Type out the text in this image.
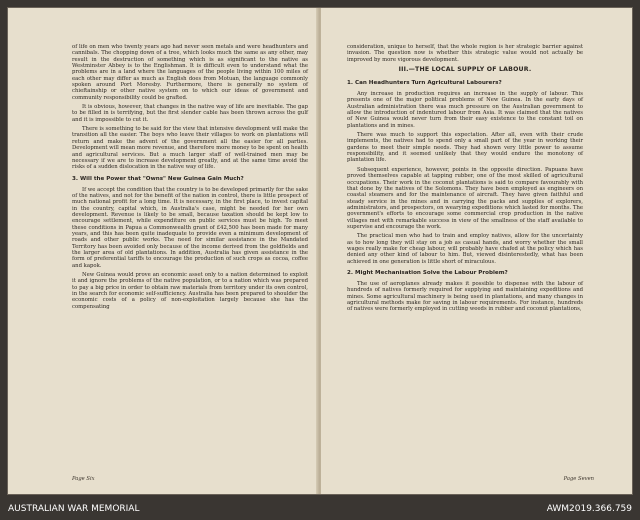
of life on men who twenty years ago had never seen metals and were headhunters and cannibals. The chopping down of a tree, which looks much the same as any other, may result in the destruction of something which is as significant to the native as Westminster Abbey is to the Englishman. It is difficult even to understand what the problems are in a land where the languages of the people living within 100 miles of each other may differ as much as English does from Motuan, the language commonly spoken around Port Moresby. Furthermore, there is generally no system of chieftainship or other native system on to which our ideas of government and community responsibility could be grafted.

It is obvious, however, that changes in the native way of life are inevitable. The gap to be filled in is terrifying, but the first slender cable has been thrown across the gulf and it is impossible to cut it.

There is something to be said for the view that intensive development will make the transition all the easier. The boys who leave their villages to work on plantations will return and make the advent of the government all the easier for all parties. Development will mean more revenue, and therefore more money to be spent on health and agricultural services. But a much larger staff of well-trained men may be necessary if we are to increase development greatly, and at the same time avoid the risks of a sudden dislocation in the native way of life.

3. Will the Power that "Owns" New Guinea Gain Much?

If we accept the condition that the country is to be developed primarily for the sake of the natives, and not for the benefit of the nation in control, there is little prospect of much national profit for a long time. It is necessary, in the first place, to invest capital in the country, capital which, in Australia's case, might be needed for her own development. Revenue is likely to be small, because taxation should be kept low to encourage settlement, while expenditure on public services must be high. To meet these conditions in Papua a Commonwealth grant of £42,500 has been made for many years, and this has been quite inadequate to provide even a minimum development of roads and other public works. The need for similar assistance in the Mandated Territory has been avoided only because of the income derived from the goldfields and the larger area of old plantations. In addition, Australia has given assistance in the form of preferential tariffs to encourage the production of such crops as cocoa, coffee and kapok.

New Guinea would prove an economic asset only to a nation determined to exploit it and ignore the problems of the native population, or to a nation which was prepared to pay a big price in order to obtain raw materials from territory under its own control, in the search for economic self-sufficiency. Australia has been prepared to shoulder the economic costs of a policy of non-exploitation largely because she has the compensating

Page Six

consideration, unique to herself, that the whole region is her strategic barrier against invasion. The question now is whether this strategic value would not actually be improved by more vigorous development.

III.—THE LOCAL SUPPLY OF LABOUR.
1. Can Headhunters Turn Agricultural Labourers?

Any increase in production requires an increase in the supply of labour. This presents one of the major political problems of New Guinea. In the early days of Australian administration there was much pressure on the Australian government to allow the introduction of indentured labour from Asia. It was claimed that the natives of New Guinea would never turn from their easy existence to the constant toil on plantations and in mines.

There was much to support this expectation. After all, even with their crude implements, the natives had to spend only a small part of the year in working their gardens to meet their simple needs. They had shown very little power to assume responsibility, and it seemed unlikely that they would endure the monotony of plantation life.

Subsequent experience, however, points in the opposite direction. Papuans have proved themselves capable at tapping rubber, one of the most skilled of agricultural occupations. Their work in the coconut plantations is said to compare favourably with that done by the natives of the Solomons. They have been employed as engineers on coastal steamers and for the maintenance of aircraft. They have given faithful and steady service in the mines and in carrying the packs and supplies of explorers, administrators, and prospectors, on wearying expeditions which lasted for months. The government's efforts to encourage some commercial crop production in the native villages met with remarkable success in view of the smallness of the staff available to supervise and encourage the work.

The practical men who had to train and employ natives, allow for the uncertainty as to how long they will stay on a job as casual hands, and worry whether the small wages really make for cheap labour, will probably have chafed at the policy which has denied any other kind of labour to him. But, viewed disinterestedly, what has been achieved in one generation is little short of miraculous.

2. Might Mechanisation Solve the Labour Problem?

The use of aeroplanes already makes it possible to dispense with the labour of hundreds of natives formerly required for supplying and maintaining expeditions and mines. Some agricultural machinery is being used in plantations, and many changes in agricultural methods make for saving in labour requirements. For instance, hundreds of natives were formerly employed in cutting weeds in rubber and coconut plantations,

Page Seven
AUSTRALIAN WAR MEMORIAL	AWM2019.366.759
